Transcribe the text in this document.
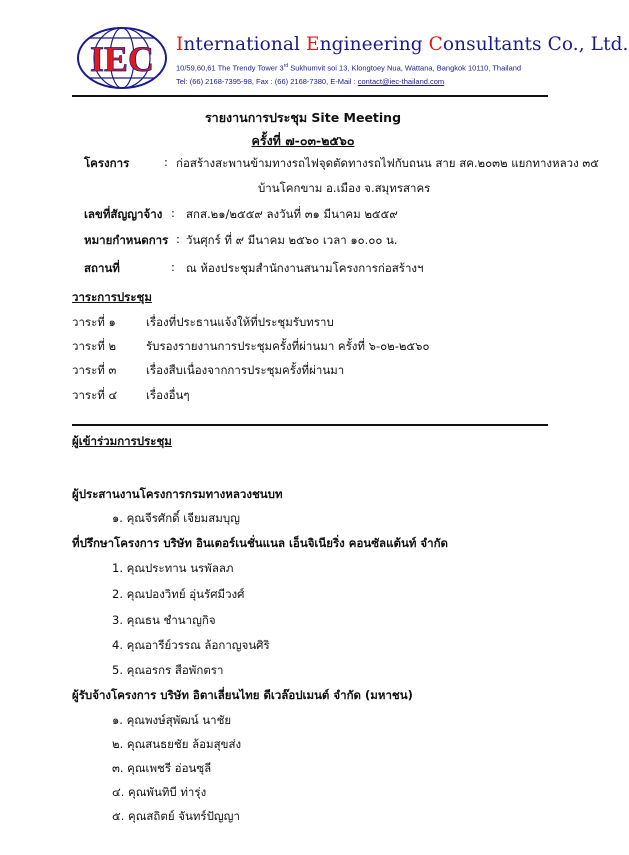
IEC International Engineering Consultants Co., Ltd.
10/59,60,61 The Trendy Tower 3rd Sukhumvit soi 13, Klongtoey Nua, Wattana, Bangkok 10110, Thailand
Tel: (66) 2168-7395-98, Fax : (66) 2168-7380, E-Mail : contact@iec-thailand.com
รายงานการประชุม Site Meeting
ครั้งที่ ๗-๐๓-๒๕๖๐
โครงการ	: ก่อสร้างสะพานข้ามทางรถไฟจุดตัดทางรถไฟกับถนน สาย สค.๒๐๓๒ แยกทางหลวง ๓๕
บ้านโคกขาม อ.เมือง จ.สมุทรสาคร
เลขที่สัญญาจ้าง : สกส.๒๑/๒๕๕๙ ลงวันที่ ๓๑ มีนาคม ๒๕๕๙
หมายกำหนดการ : วันศุกร์ ที่ ๙ มีนาคม ๒๕๖๐ เวลา ๑๐.๐๐ น.
สถานที่	: ณ ห้องประชุมสำนักงานสนามโครงการก่อสร้างฯ
วาระการประชุม
วาระที่ ๑	เรื่องที่ประธานแจ้งให้ที่ประชุมรับทราบ
วาระที่ ๒	รับรองรายงานการประชุมครั้งที่ผ่านมา ครั้งที่ ๖-๐๒-๒๕๖๐
วาระที่ ๓	เรื่องสืบเนื่องจากการประชุมครั้งที่ผ่านมา
วาระที่ ๔	เรื่องอื่นๆ
ผู้เข้าร่วมการประชุม
ผู้ประสานงานโครงการกรมทางหลวงชนบท
๑. คุณจีรศักดิ์ เจียมสมบุญ
ที่ปรึกษาโครงการ บริษัท อินเตอร์เนชั่นแนล เอ็นจิเนียริ่ง คอนซัลแต้นท์ จำกัด
1. คุณประทาน นรพัลลภ
2. คุณปองวิทย์ อุ่นรัศมีวงศ์
3. คุณธน ชำนาญกิจ
4. คุณอารีย์วรรณ ล้อกาญจนศิริ
5. คุณอรกร สือพักตรา
ผู้รับจ้างโครงการ บริษัท อิตาเลี่ยนไทย ดีเวล๊อปเมนต์ จำกัด (มหาชน)
๑. คุณพงษ์สุพัฒน์ นาชัย
๒. คุณสนธยชัย ล้อมสุขส่ง
๓. คุณเพชรี อ่อนซุลี
๔. คุณพันทิบี ท่ารุ่ง
๕. คุณสถิตย์ จันทร์ปัญญา
